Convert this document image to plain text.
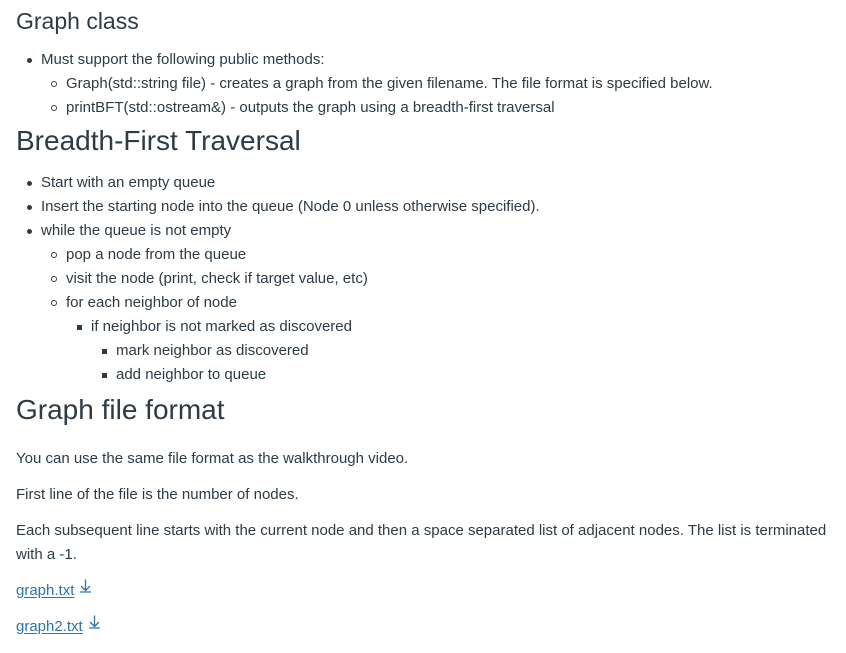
Graph class
Must support the following public methods:
Graph(std::string file) - creates a graph from the given filename. The file format is specified below.
printBFT(std::ostream&) - outputs the graph using a breadth-first traversal
Breadth-First Traversal
Start with an empty queue
Insert the starting node into the queue (Node 0 unless otherwise specified).
while the queue is not empty
pop a node from the queue
visit the node (print, check if target value, etc)
for each neighbor of node
if neighbor is not marked as discovered
mark neighbor as discovered
add neighbor to queue
Graph file format

You can use the same file format as the walkthrough video.

First line of the file is the number of nodes.

Each subsequent line starts with the current node and then a space separated list of adjacent nodes. The list is terminated with a -1.

graph.txt

graph2.txt
